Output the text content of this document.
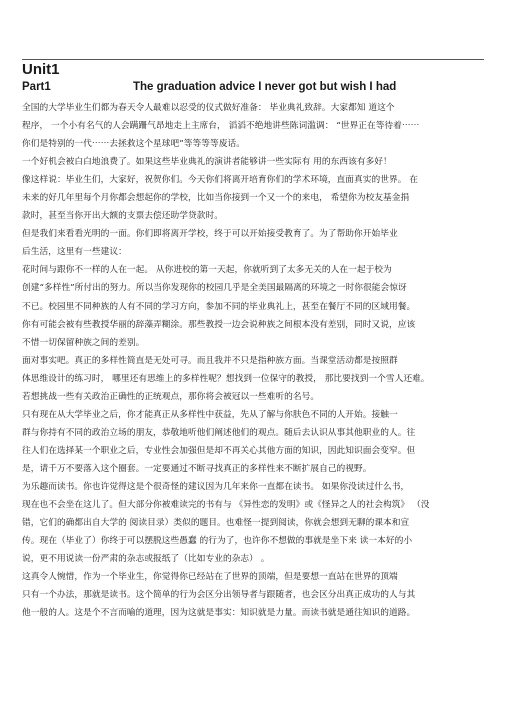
Unit1
Part1	The graduation advice I never got but wish I had
全国的大学毕业生们都为春天令人最难以忍受的仪式做好准备： 毕业典礼致辞。大家都知 道这个
程序， 一个小有名气的人会蹒跚气昂地走上主席台， 滔滔不绝地讲些陈词滥调： “世界正在等待着⋯⋯
你们是特别的一代⋯⋯去拯救这个星球吧”等等等等废话。
一个好机会被白白地浪费了。如果这些毕业典礼的演讲者能够讲一些实际有 用的东西该有多好！
像这样说：毕业生们，大家好，祝贺你们。今天你们将离开培育你们的学术环境，直面真实的世界。 在
未来的好几年里每个月你都会想起你的学校，比如当你接到一个又一个的来电， 希望你为校友基金捐
款时，甚至当你开出大额的支票去偿还助学贷款时。
但是我们来看看光明的一面。你们即将离开学校，终于可以开始接受教育了。为了帮助你开始毕业
后生活，这里有一些建议：
花时间与跟你不一样的人在一起。 从你进校的第一天起，你就听到了太多无关的人在一起于校为
创建“多样性”所付出的努力。所以当你发现你的校园几乎是全美国最隔离的环境之一时你很能会惊讶
不已。校园里不同种族的人有不同的学习方向，参加不同的毕业典礼上，甚至在餐厅不同的区域用餐。
你有可能会被有些教授华丽的辞藻弄糊涂。那些教授一边会说种族之间根本没有差别，同时又说，应该
不惜一切保留种族之间的差别。
面对事实吧。真正的多样性简直是无处可寻。而且我并不只是指种族方面。当课堂活动都是按照群
体思维设计的练习时， 哪里还有思维上的多样性呢？想找到一位保守的教授， 那比要找到一个雪人还难。
若想挑战一些有关政治正确性的正统观点，那你将会被冠以一些难听的名号。
只有现在从大学毕业之后，你才能真正从多样性中获益，先从了解与你肤色不同的人开始。接触一
群与你持有不同的政治立场的朋友，恭敬地听他们阐述他们的观点。随后去认识从事其他职业的人。往
往人们在选择某一个职业之后，专业性会加强但是却不再关心其他方面的知识，因此知识面会变窄。但
是，请千万不要落入这个圈套。一定要通过不断寻找真正的多样性来不断扩展自己的视野。
为乐趣而读书。你也许觉得这是个很奇怪的建议因为几年来你一直都在读书。 如果你没读过什么书，
现在也不会坐在这儿了。但大部分你被难读完的书有与 《异性恋的发明》或《怪异之人的社会构筑》 （没
错，它们的确都出自大学的 阅读目录）类似的题目。也难怪一提到阅读，你就会想到无聊的课本和宣
传。现在（毕业了）你终于可以摆脱这些愚蠢 的行为了，也许你不想做的事就是坐下来 读一本好的小
说，更不用说读一份严肃的杂志或报纸了（比如专业的杂志） 。
这真令人惋惜，作为一个毕业生，你觉得你已经站在了世界的顶端，但是要想一直站在世界的顶端
只有一个办法，那就是读书。这个简单的行为会区分出领导者与跟随者，也会区分出真正成功的人与其
他一般的人。这是个不言而喻的道理，因为这就是事实：知识就是力量。而读书就是通往知识的道路。
